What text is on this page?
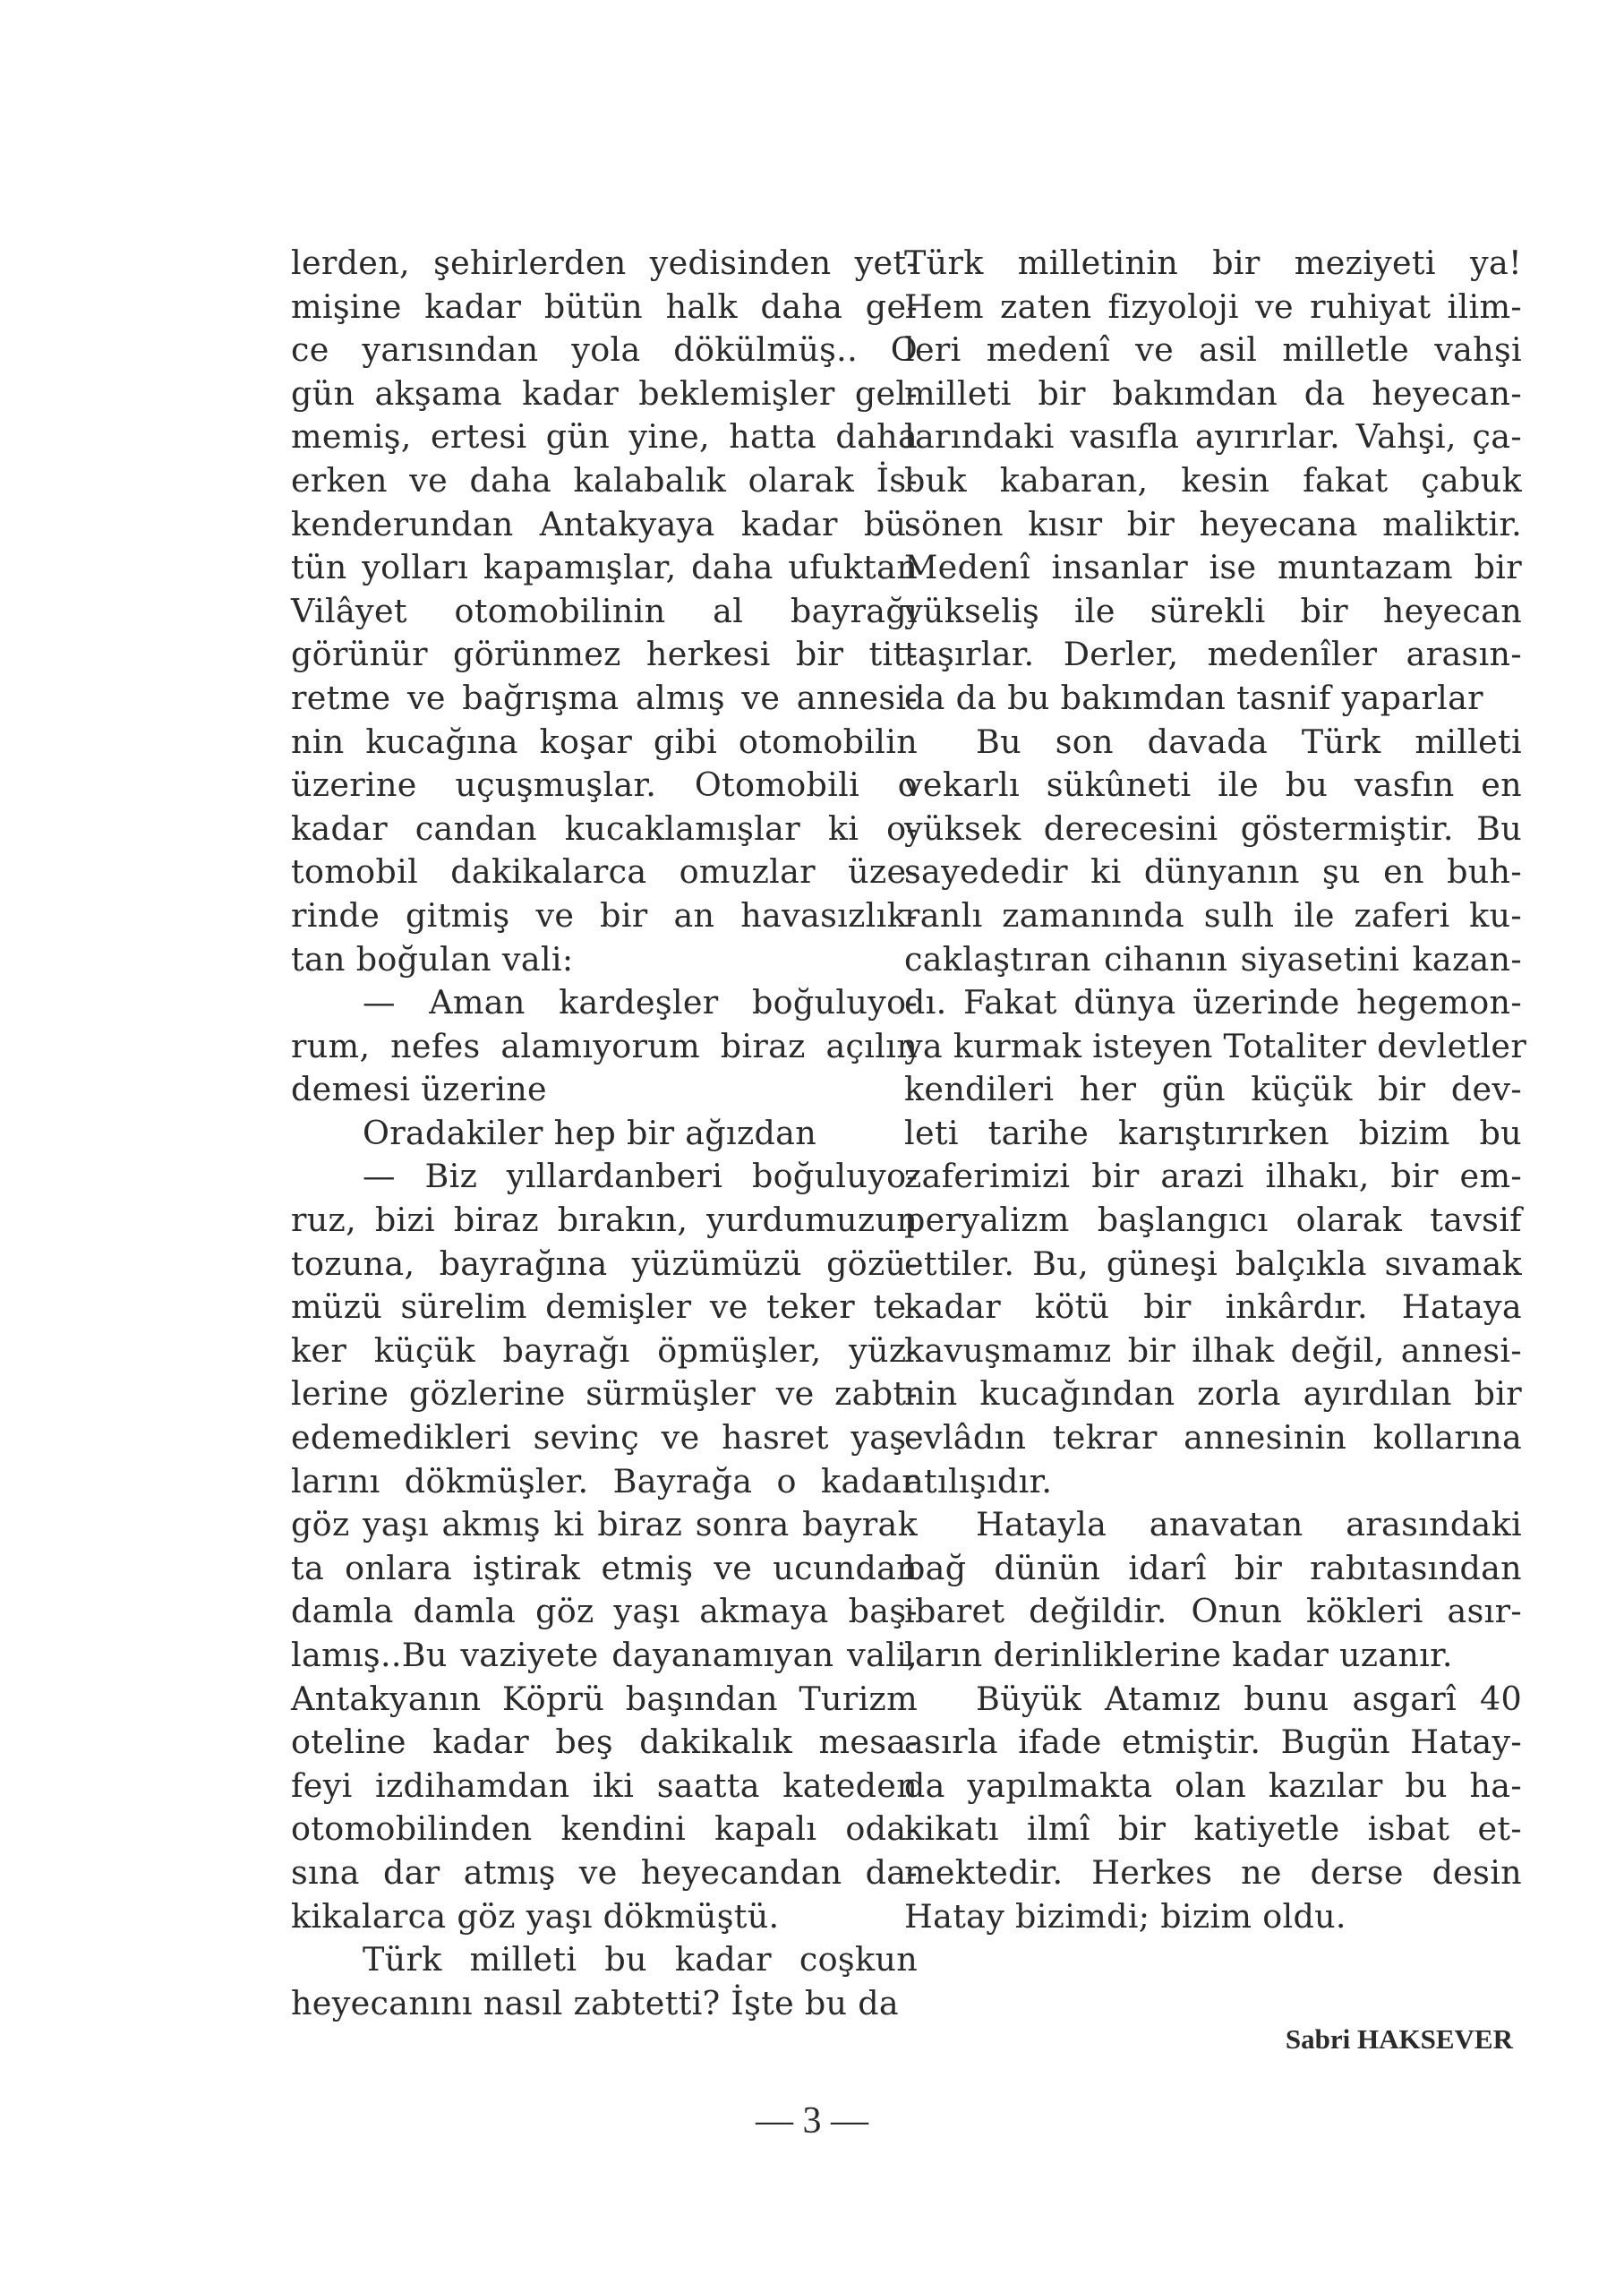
lerden, şehirlerden yedisinden yet-
mişine kadar bütün halk daha ge-
ce yarısından yola dökülmüş.. O
gün akşama kadar beklemişler gel-
memiş, ertesi gün yine, hatta daha
erken ve daha kalabalık olarak İs-
kenderundan Antakyaya kadar bü-
tün yolları kapamışlar, daha ufuktan
Vilâyet otomobilinin al bayrağı
görünür görünmez herkesi bir tit-
retme ve bağrışma almış ve annesi-
nin kucağına koşar gibi otomobilin
üzerine uçuşmuşlar. Otomobili o
kadar candan kucaklamışlar ki o-
tomobil dakikalarca omuzlar üze-
rinde gitmiş ve bir an havasızlık-
tan boğulan vali:
— Aman kardeşler boğuluyo-
rum, nefes alamıyorum biraz açılın
demesi üzerine
Oradakiler hep bir ağızdan
— Biz yıllardanberi boğuluyo-
ruz, bizi biraz bırakın, yurdumuzun
tozuna, bayrağına yüzümüzü gözü-
müzü sürelim demişler ve teker te-
ker küçük bayrağı öpmüşler, yüz-
lerine gözlerine sürmüşler ve zabt-
edemedikleri sevinç ve hasret yaş-
larını dökmüşler. Bayrağa o kadar
göz yaşı akmış ki biraz sonra bayrak
ta onlara iştirak etmiş ve ucundan
damla damla göz yaşı akmaya baş-
lamış..Bu vaziyete dayanamıyan vali,
Antakyanın Köprü başından Turizm
oteline kadar beş dakikalık mesa-
feyi izdihamdan iki saatta kateden
otomobilinden kendini kapalı oda-
sına dar atmış ve heyecandan da-
kikalarca göz yaşı dökmüştü.
Türk milleti bu kadar coşkun
heyecanını nasıl zabtetti? İşte bu da
Türk milletinin bir meziyeti ya!
Hem zaten fizyoloji ve ruhiyat ilim-
leri medenî ve asil milletle vahşi
milleti bir bakımdan da heyecan-
larındaki vasıfla ayırırlar. Vahşi, ça-
buk kabaran, kesin fakat çabuk
sönen kısır bir heyecana maliktir.
Medenî insanlar ise muntazam bir
yükseliş ile sürekli bir heyecan
taşırlar. Derler, medenîler arasın-
da da bu bakımdan tasnif yaparlar
Bu son davada Türk milleti
vekarlı sükûneti ile bu vasfın en
yüksek derecesini göstermiştir. Bu
sayededir ki dünyanın şu en buh-
ranlı zamanında sulh ile zaferi ku-
caklaştıran cihanın siyasetini kazan-
dı. Fakat dünya üzerinde hegemon-
ya kurmak isteyen Totaliter devletler
kendileri her gün küçük bir dev-
leti tarihe karıştırırken bizim bu
zaferimizi bir arazi ilhakı, bir em-
peryalizm başlangıcı olarak tavsif
ettiler. Bu, güneşi balçıkla sıvamak
kadar kötü bir inkârdır. Hataya
kavuşmamız bir ilhak değil, annesi-
nin kucağından zorla ayırdılan bir
evlâdın tekrar annesinin kollarına
atılışıdır.
Hatayla anavatan arasındaki
bağ dünün idarî bir rabıtasından
ibaret değildir. Onun kökleri asır-
ların derinliklerine kadar uzanır.
Büyük Atamız bunu asgarî 40
asırla ifade etmiştir. Bugün Hatay-
da yapılmakta olan kazılar bu ha-
kikatı ilmî bir katiyetle isbat et-
mektedir. Herkes ne derse desin
Hatay bizimdi; bizim oldu.
Sabri HAKSEVER
— 3 —
